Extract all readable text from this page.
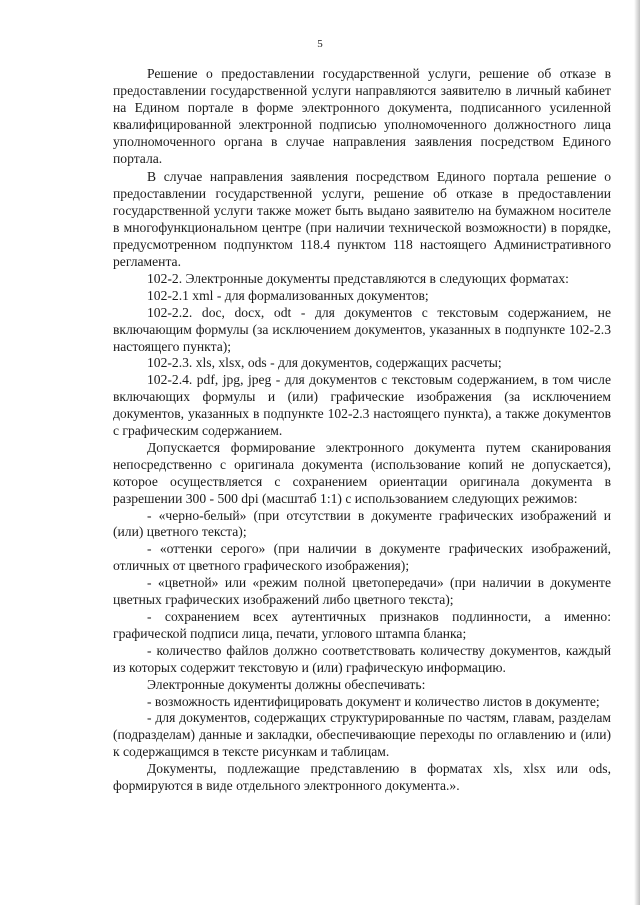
5

Решение о предоставлении государственной услуги, решение об отказе в предоставлении государственной услуги направляются заявителю в личный кабинет на Едином портале в форме электронного документа, подписанного усиленной квалифицированной электронной подписью уполномоченного должностного лица уполномоченного органа в случае направления заявления посредством Единого портала.

В случае направления заявления посредством Единого портала решение о предоставлении государственной услуги, решение об отказе в предоставлении государственной услуги также может быть выдано заявителю на бумажном носителе в многофункциональном центре (при наличии технической возможности) в порядке, предусмотренном подпунктом 118.4 пунктом 118 настоящего Административного регламента.

102-2. Электронные документы представляются в следующих форматах:

102-2.1 xml - для формализованных документов;

102-2.2. doc, docx, odt - для документов с текстовым содержанием, не включающим формулы (за исключением документов, указанных в подпункте 102-2.3 настоящего пункта);

102-2.3. xls, xlsx, ods - для документов, содержащих расчеты;

102-2.4. pdf, jpg, jpeg - для документов с текстовым содержанием, в том числе включающих формулы и (или) графические изображения (за исключением документов, указанных в подпункте 102-2.3 настоящего пункта), а также документов с графическим содержанием.

Допускается формирование электронного документа путем сканирования непосредственно с оригинала документа (использование копий не допускается), которое осуществляется с сохранением ориентации оригинала документа в разрешении 300 - 500 dpi (масштаб 1:1) с использованием следующих режимов:

- «черно-белый» (при отсутствии в документе графических изображений и (или) цветного текста);

- «оттенки серого» (при наличии в документе графических изображений, отличных от цветного графического изображения);

- «цветной» или «режим полной цветопередачи» (при наличии в документе цветных графических изображений либо цветного текста);

- сохранением всех аутентичных признаков подлинности, а именно: графической подписи лица, печати, углового штампа бланка;

- количество файлов должно соответствовать количеству документов, каждый из которых содержит текстовую и (или) графическую информацию.

Электронные документы должны обеспечивать:

- возможность идентифицировать документ и количество листов в документе;

- для документов, содержащих структурированные по частям, главам, разделам (подразделам) данные и закладки, обеспечивающие переходы по оглавлению и (или) к содержащимся в тексте рисункам и таблицам.

Документы, подлежащие представлению в форматах xls, xlsx или ods, формируются в виде отдельного электронного документа.».
